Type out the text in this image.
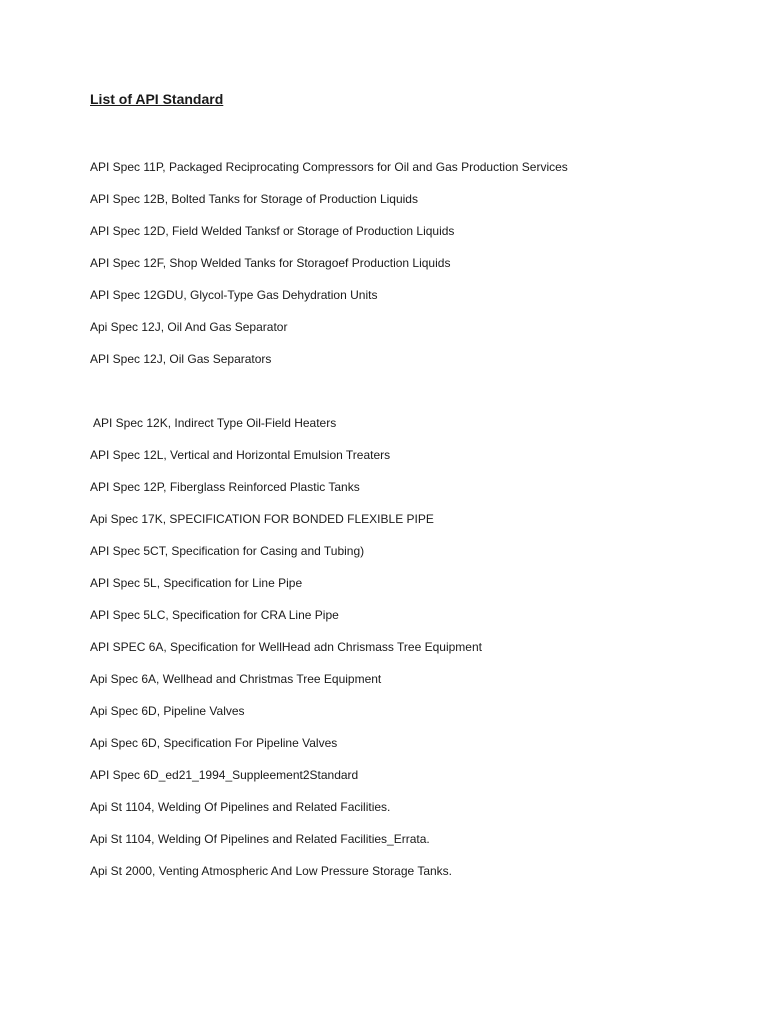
List of API Standard
API Spec 11P, Packaged Reciprocating Compressors for Oil and Gas Production Services
API Spec 12B, Bolted Tanks for Storage of Production Liquids
API Spec 12D, Field Welded Tanksf or Storage of Production Liquids
API Spec 12F, Shop Welded Tanks for Storagoef Production Liquids
API Spec 12GDU, Glycol-Type Gas Dehydration Units
Api Spec 12J, Oil And Gas Separator
API Spec 12J, Oil Gas Separators
API Spec 12K, Indirect Type Oil-Field Heaters
API Spec 12L, Vertical and Horizontal Emulsion Treaters
API Spec 12P, Fiberglass Reinforced Plastic Tanks
Api Spec 17K, SPECIFICATION FOR BONDED FLEXIBLE PIPE
API Spec 5CT, Specification for Casing and Tubing)
API Spec 5L, Specification for Line Pipe
API Spec 5LC, Specification for CRA Line Pipe
API SPEC 6A, Specification for WellHead adn Chrismass Tree Equipment
Api Spec 6A, Wellhead and Christmas Tree Equipment
Api Spec 6D, Pipeline Valves
Api Spec 6D, Specification For Pipeline Valves
API Spec 6D_ed21_1994_Suppleement2Standard
Api St 1104, Welding Of Pipelines and Related Facilities.
Api St 1104, Welding Of Pipelines and Related Facilities_Errata.
Api St 2000, Venting Atmospheric And Low Pressure Storage Tanks.
